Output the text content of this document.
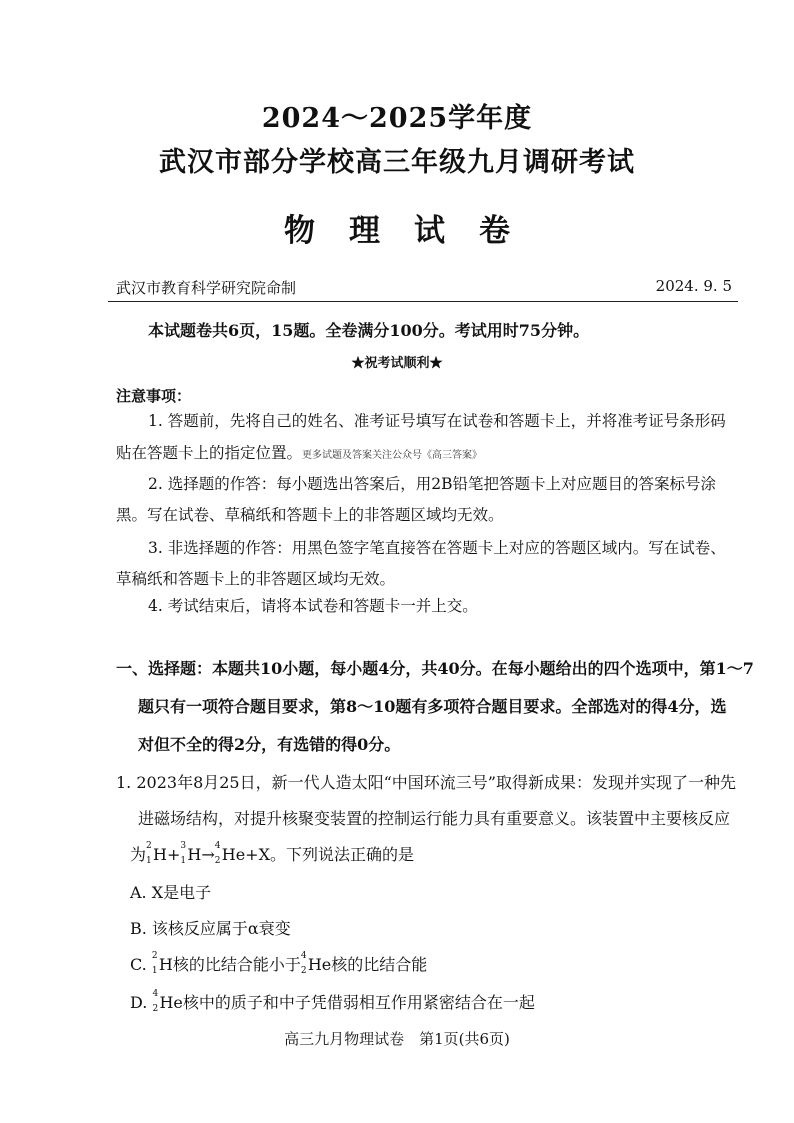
2024～2025学年度
武汉市部分学校高三年级九月调研考试
物理试卷
武汉市教育科学研究院命制	2024. 9. 5
本试题卷共6页，15题。全卷满分100分。考试用时75分钟。
★祝考试顺利★
注意事项：
1. 答题前，先将自己的姓名、准考证号填写在试卷和答题卡上，并将准考证号条形码
贴在答题卡上的指定位置。更多试题及答案关注公众号《高三答案》
2. 选择题的作答：每小题选出答案后，用2B铅笔把答题卡上对应题目的答案标号涂
黑。写在试卷、草稿纸和答题卡上的非答题区域均无效。
3. 非选择题的作答：用黑色签字笔直接答在答题卡上对应的答题区域内。写在试卷、
草稿纸和答题卡上的非答题区域均无效。
4. 考试结束后，请将本试卷和答题卡一并上交。
一、选择题：本题共10小题，每小题4分，共40分。在每小题给出的四个选项中，第1～7
题只有一项符合题目要求，第8～10题有多项符合题目要求。全部选对的得4分，选
对但不全的得2分，有选错的得0分。
1. 2023年8月25日，新一代人造太阳“中国环流三号”取得新成果：发现并实现了一种先
进磁场结构，对提升核聚变装置的控制运行能力具有重要意义。该装置中主要核反应
为 2
1 H+ 3
1 H→ 4
2 He+X。下列说法正确的是
A. X是电子
B. 该核反应属于α衰变
C. 2
1 H核的比结合能小于 4
2 He核的比结合能
D. 4
2 He核中的质子和中子凭借弱相互作用紧密结合在一起
高三九月物理试卷　第1页(共6页)
